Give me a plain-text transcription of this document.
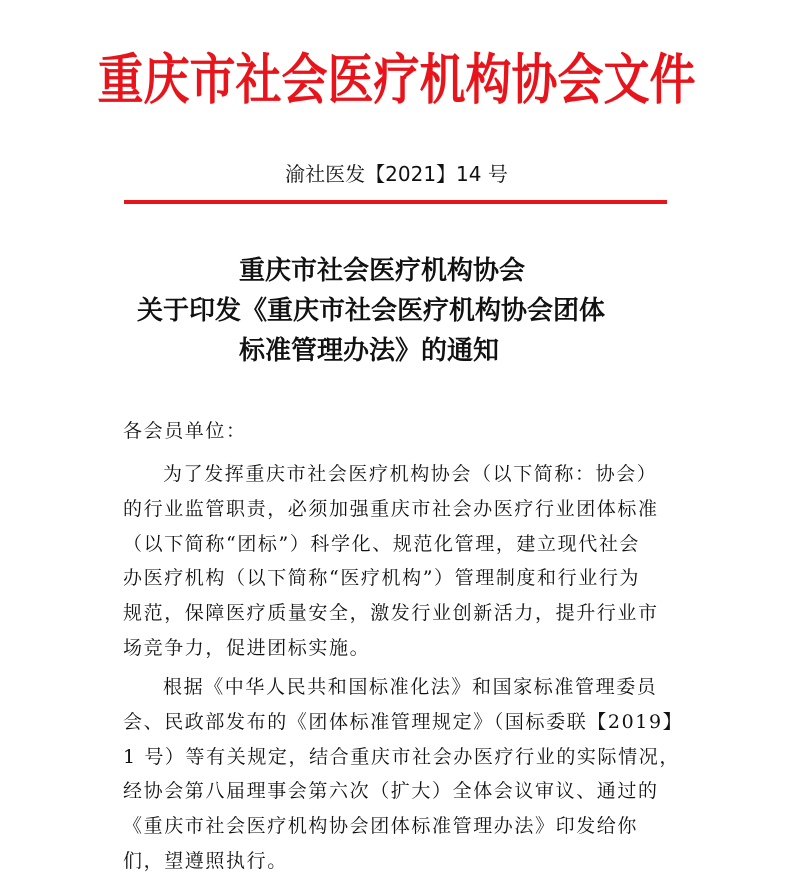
重庆市社会医疗机构协会文件
渝社医发【2021】14 号
重庆市社会医疗机构协会
关于印发《重庆市社会医疗机构协会团体
标准管理办法》的通知
各会员单位：
为了发挥重庆市社会医疗机构协会（以下简称：协会）
的行业监管职责，必须加强重庆市社会办医疗行业团体标准
（以下简称“团标”）科学化、规范化管理，建立现代社会
办医疗机构（以下简称“医疗机构”）管理制度和行业行为
规范，保障医疗质量安全，激发行业创新活力，提升行业市
场竞争力，促进团标实施。
根据《中华人民共和国标准化法》和国家标准管理委员
会、民政部发布的《团体标准管理规定》（国标委联【2019】
1 号）等有关规定，结合重庆市社会办医疗行业的实际情况，
经协会第八届理事会第六次（扩大）全体会议审议、通过的
《重庆市社会医疗机构协会团体标准管理办法》印发给你
们，望遵照执行。
